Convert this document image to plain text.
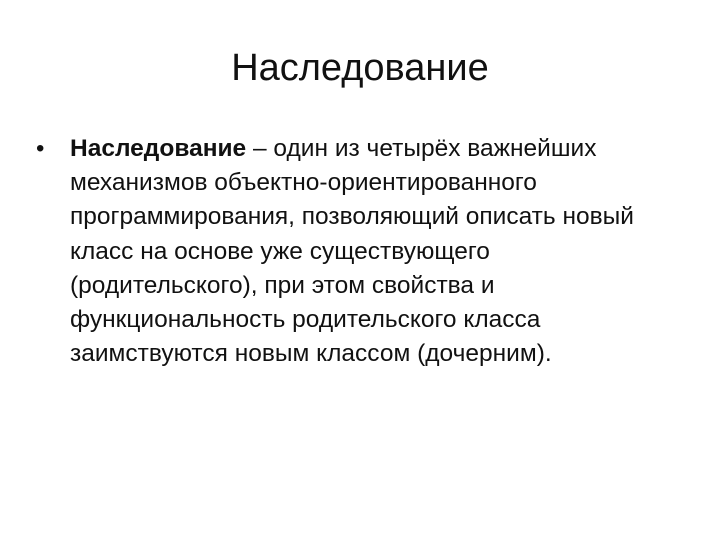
Наследование
•	Наследование – один из четырёх важнейших механизмов объектно-ориентированного программирования, позволяющий описать новый класс на основе уже существующего (родительского), при этом свойства и функциональность родительского класса заимствуются новым классом (дочерним).
